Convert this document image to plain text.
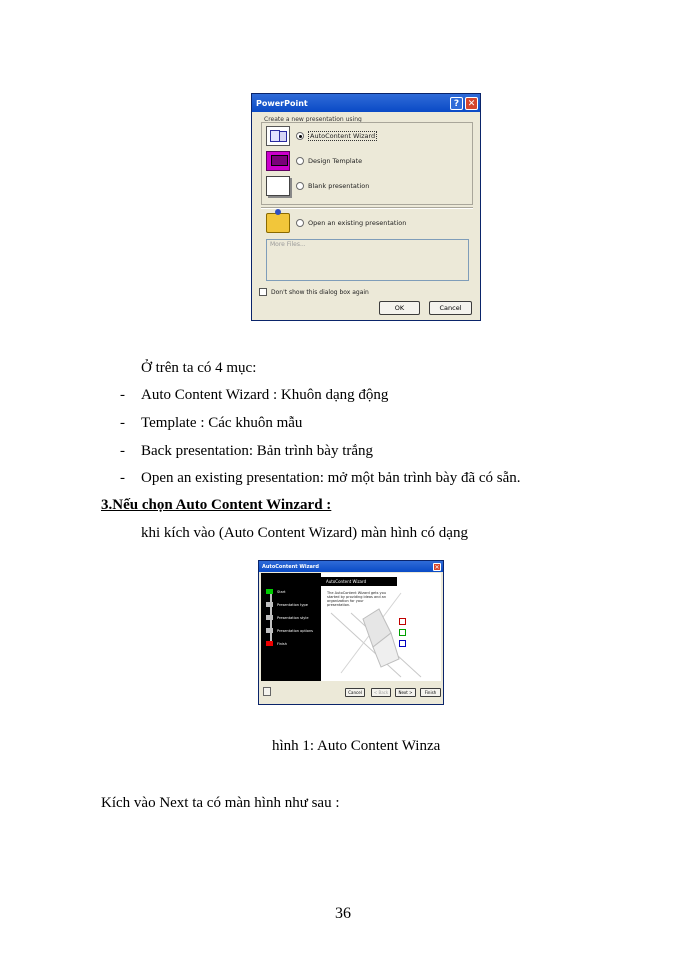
PowerPoint	? ✕
Create a new presentation using
AutoContent Wizard
Design Template
Blank presentation
Open an existing presentation
More Files...
Don't show this dialog box again
OK	Cancel
Ở trên ta có 4 mục:
- Auto Content Wizard : Khuôn dạng động
- Template : Các khuôn mẫu
- Back presentation: Bản trình bày trắng
- Open an existing presentation: mở một bản trình bày đã có sẵn.
3.Nếu chọn Auto Content Winzard :
khi kích vào (Auto Content Wizard) màn hình có dạng
AutoContent Wizard	✕
Start
Presentation type
Presentation style
Presentation options
Finish
AutoContent Wizard
The AutoContent Wizard gets you started by providing ideas and an organization for your presentation.
Cancel	< Back	Next >	Finish
hình 1: Auto Content Winza
Kích vào Next ta có màn hình như sau :
36
